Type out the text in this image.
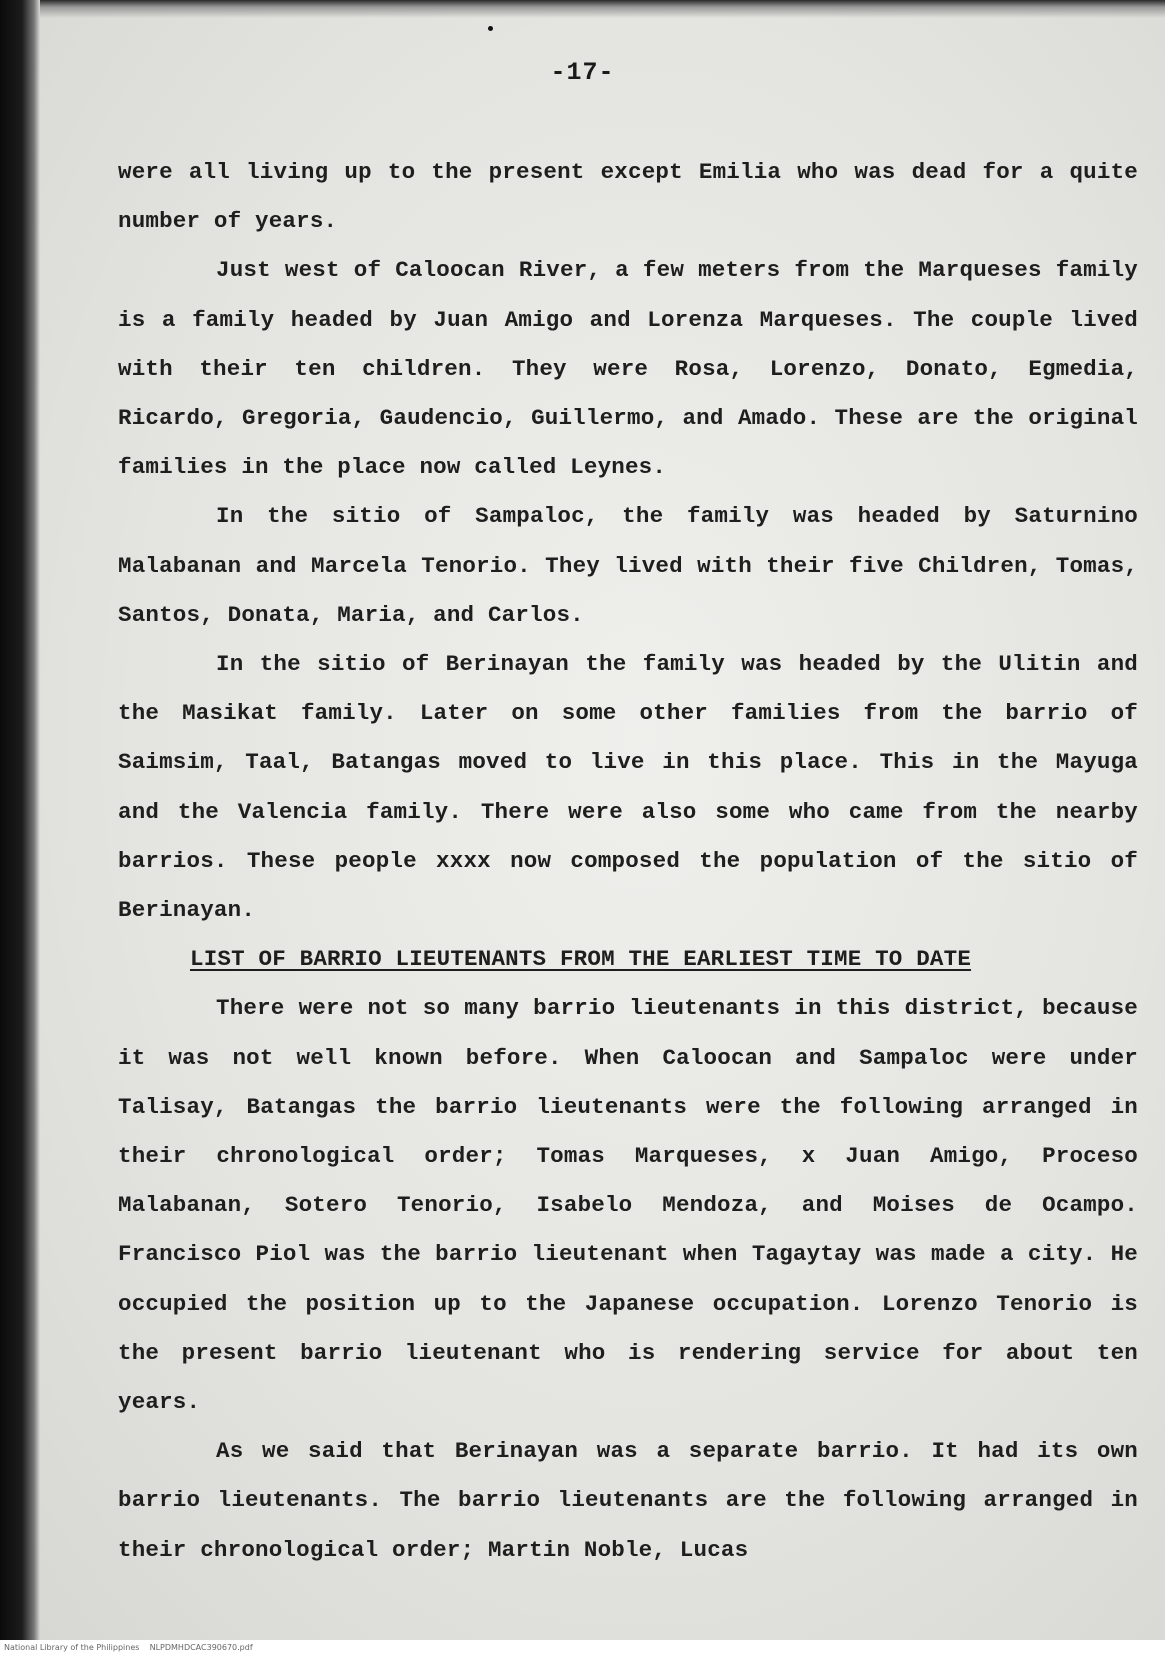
-17-

were all living up to the present except Emilia who was dead for a quite number of years.

Just west of Caloocan River, a few meters from the Marqueses family is a family headed by Juan Amigo and Lorenza Marqueses. The couple lived with their ten children. They were Rosa, Lorenzo, Donato, Egmedia, Ricardo, Gregoria, Gaudencio, Guillermo, and Amado. These are the original families in the place now called Leynes.

In the sitio of Sampaloc, the family was headed by Saturnino Malabanan and Marcela Tenorio. They lived with their five Children, Tomas, Santos, Donata, Maria, and Carlos.

In the sitio of Berinayan the family was headed by the Ulitin and the Masikat family. Later on some other families from the barrio of Saimsim, Taal, Batangas moved to live in this place. This in the Mayuga and the Valencia family. There were also some who came from the nearby barrios. These people xxxx now composed the population of the sitio of Berinayan.

LIST OF BARRIO LIEUTENANTS FROM THE EARLIEST TIME TO DATE

There were not so many barrio lieutenants in this district, because it was not well known before. When Caloocan and Sampaloc were under Talisay, Batangas the barrio lieutenants were the following arranged in their chronological order; Tomas Marqueses, x Juan Amigo, Proceso Malabanan, Sotero Tenorio, Isabelo Mendoza, and Moises de Ocampo. Francisco Piol was the barrio lieutenant when Tagaytay was made a city. He occupied the position up to the Japanese occupation. Lorenzo Tenorio is the present barrio lieutenant who is rendering service for about ten years.

As we said that Berinayan was a separate barrio. It had its own barrio lieutenants. The barrio lieutenants are the following arranged in their chronological order; Martin Noble, Lucas

National Library of the Philippines    NLPDMHDCAC390670.pdf
